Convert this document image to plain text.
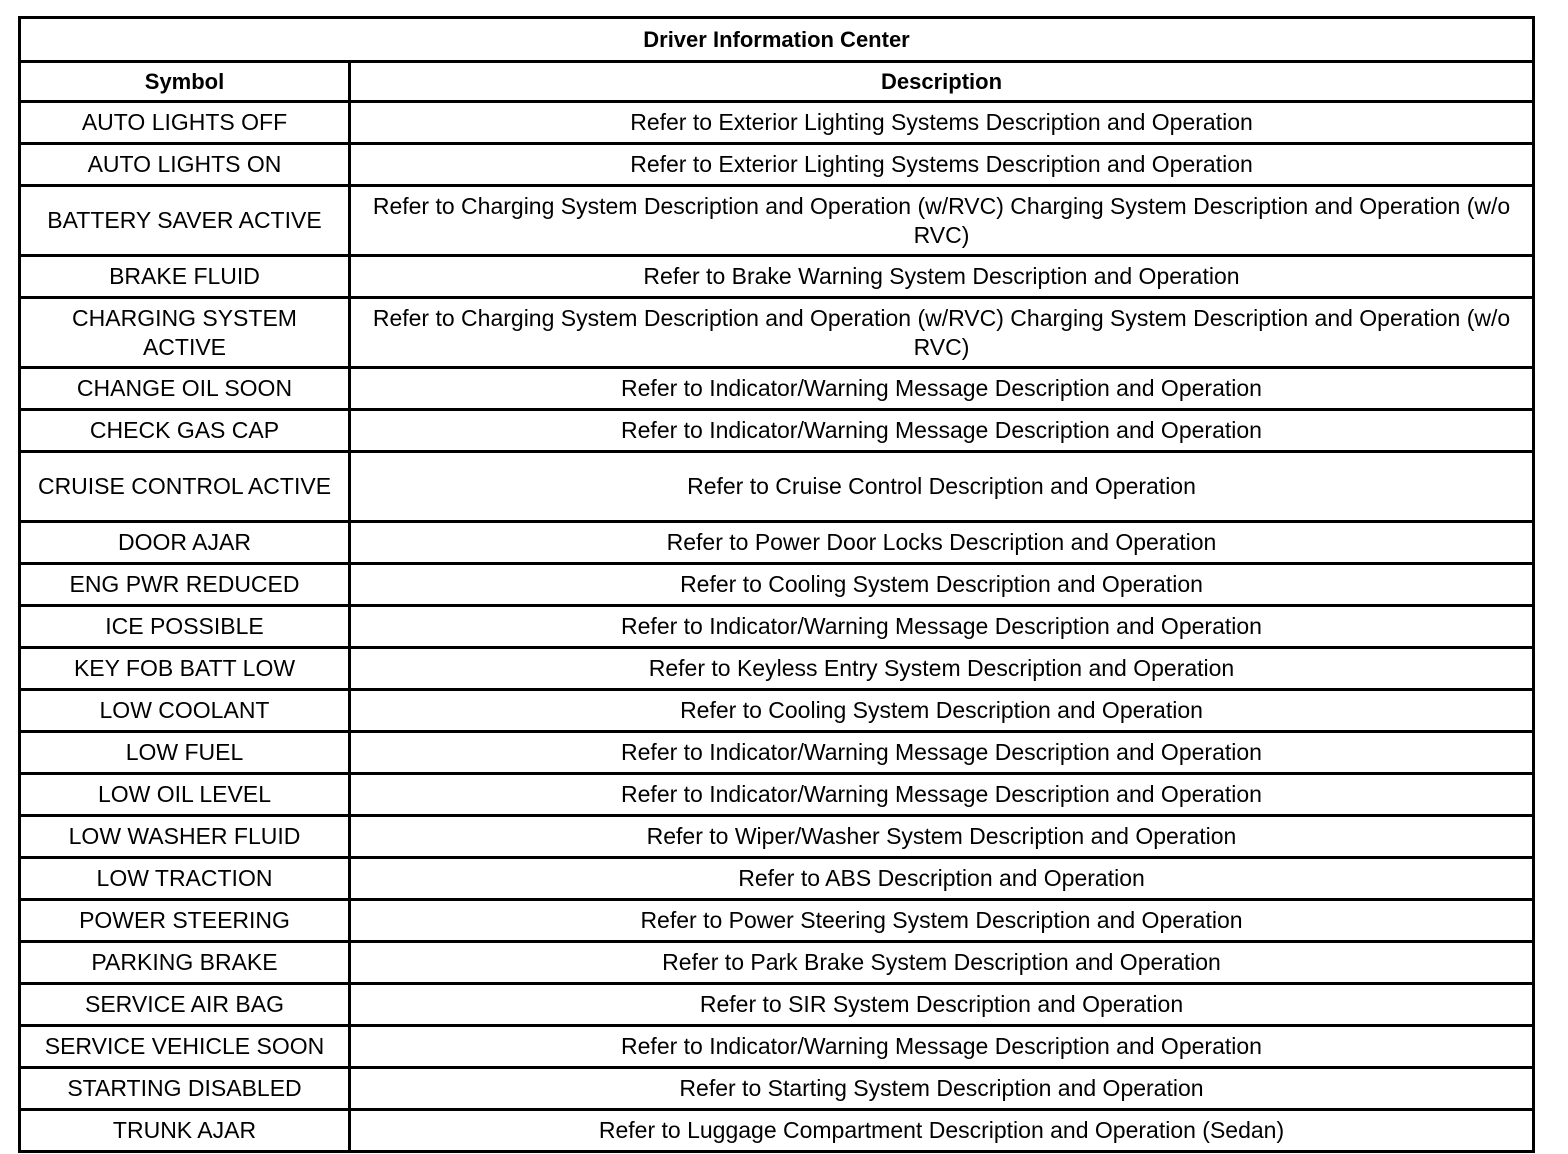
Driver Information Center	
Symbol	Description
AUTO LIGHTS OFF	Refer to Exterior Lighting Systems Description and Operation
AUTO LIGHTS ON	Refer to Exterior Lighting Systems Description and Operation
BATTERY SAVER ACTIVE	Refer to Charging System Description and Operation (w/RVC) Charging System Description and Operation (w/o RVC)
BRAKE FLUID	Refer to Brake Warning System Description and Operation
CHARGING SYSTEM ACTIVE	Refer to Charging System Description and Operation (w/RVC) Charging System Description and Operation (w/o RVC)
CHANGE OIL SOON	Refer to Indicator/Warning Message Description and Operation
CHECK GAS CAP	Refer to Indicator/Warning Message Description and Operation
CRUISE CONTROL ACTIVE	Refer to Cruise Control Description and Operation
DOOR AJAR	Refer to Power Door Locks Description and Operation
ENG PWR REDUCED	Refer to Cooling System Description and Operation
ICE POSSIBLE	Refer to Indicator/Warning Message Description and Operation
KEY FOB BATT LOW	Refer to Keyless Entry System Description and Operation
LOW COOLANT	Refer to Cooling System Description and Operation
LOW FUEL	Refer to Indicator/Warning Message Description and Operation
LOW OIL LEVEL	Refer to Indicator/Warning Message Description and Operation
LOW WASHER FLUID	Refer to Wiper/Washer System Description and Operation
LOW TRACTION	Refer to ABS Description and Operation
POWER STEERING	Refer to Power Steering System Description and Operation
PARKING BRAKE	Refer to Park Brake System Description and Operation
SERVICE AIR BAG	Refer to SIR System Description and Operation
SERVICE VEHICLE SOON	Refer to Indicator/Warning Message Description and Operation
STARTING DISABLED	Refer to Starting System Description and Operation
TRUNK AJAR	Refer to Luggage Compartment Description and Operation (Sedan)
